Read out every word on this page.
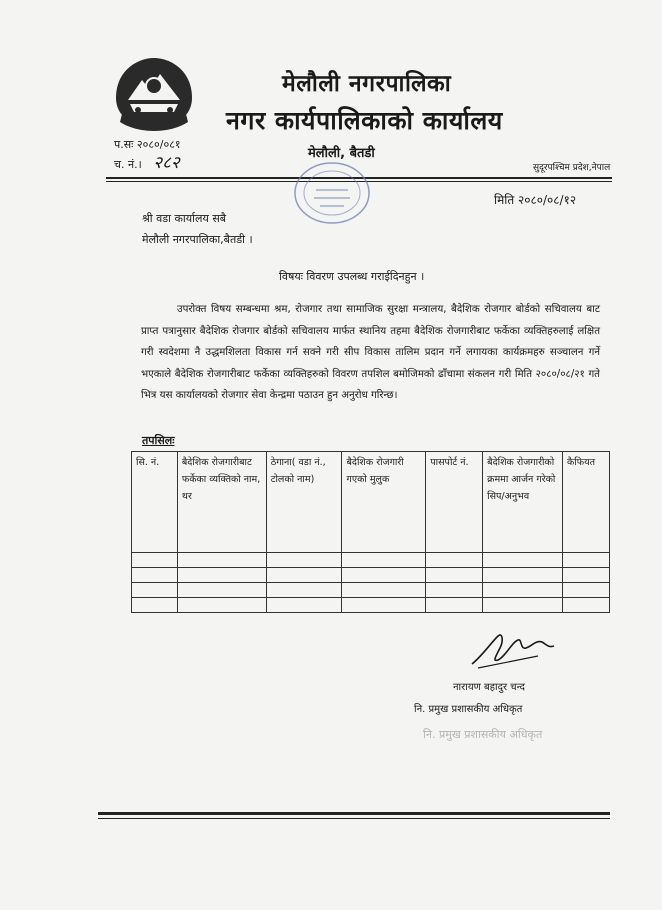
मेलौली नगरपालिका
नगर कार्यपालिकाको कार्यालय
मेलौली, बैतडी
प.सः २०८०/०८१
च. नं.। २८२	सुदूरपश्चिम प्रदेश,नेपाल
मिति २०८०/०८/१२
श्री वडा कार्यालय सबै
मेलौली नगरपालिका,बैतडी ।
विषयः विवरण उपलब्ध गराईदिनहुन ।
उपरोक्त विषय सम्बन्धमा श्रम, रोजगार तथा सामाजिक सुरक्षा मन्त्रालय, बैदेशिक रोजगार बोर्डको सचिवालय बाट प्राप्त पत्रानुसार बैदेशिक रोजगार बोर्डको सचिवालय मार्फत स्थानिय तहमा बैदेशिक रोजगारीबाट फर्केका व्यक्तिहरुलाई लक्षित गरी स्वदेशमा नै उद्धमशिलता विकास गर्न सक्ने गरी सीप विकास तालिम प्रदान गर्ने लगायका कार्यक्रमहरु सञ्चालन गर्ने भएकाले बैदेशिक रोजगारीबाट फर्केका व्यक्तिहरुको विवरण तपशिल बमोजिमको ढाँचामा संकलन गरी मिति २०८०/०८/२१ गते भित्र यस कार्यालयको रोजगार सेवा केन्द्रमा पठाउन हुन अनुरोध गरिन्छ।
तपसिलः
सि. नं.	बैदेशिक रोजगारीबाट फर्केका व्यक्तिको नाम, थर	ठेगाना( वडा नं., टोलको नाम)	बैदेशिक रोजगारी गएको मुलुक	पासपोर्ट नं.	बैदेशिक रोजगारीको क्रममा आर्जन गरेको सिप/अनुभव	कैफियत

नारायण बहादुर चन्द
नि. प्रमुख प्रशासकीय अधिकृत
नि. प्रमुख प्रशासकीय अधिकृत
